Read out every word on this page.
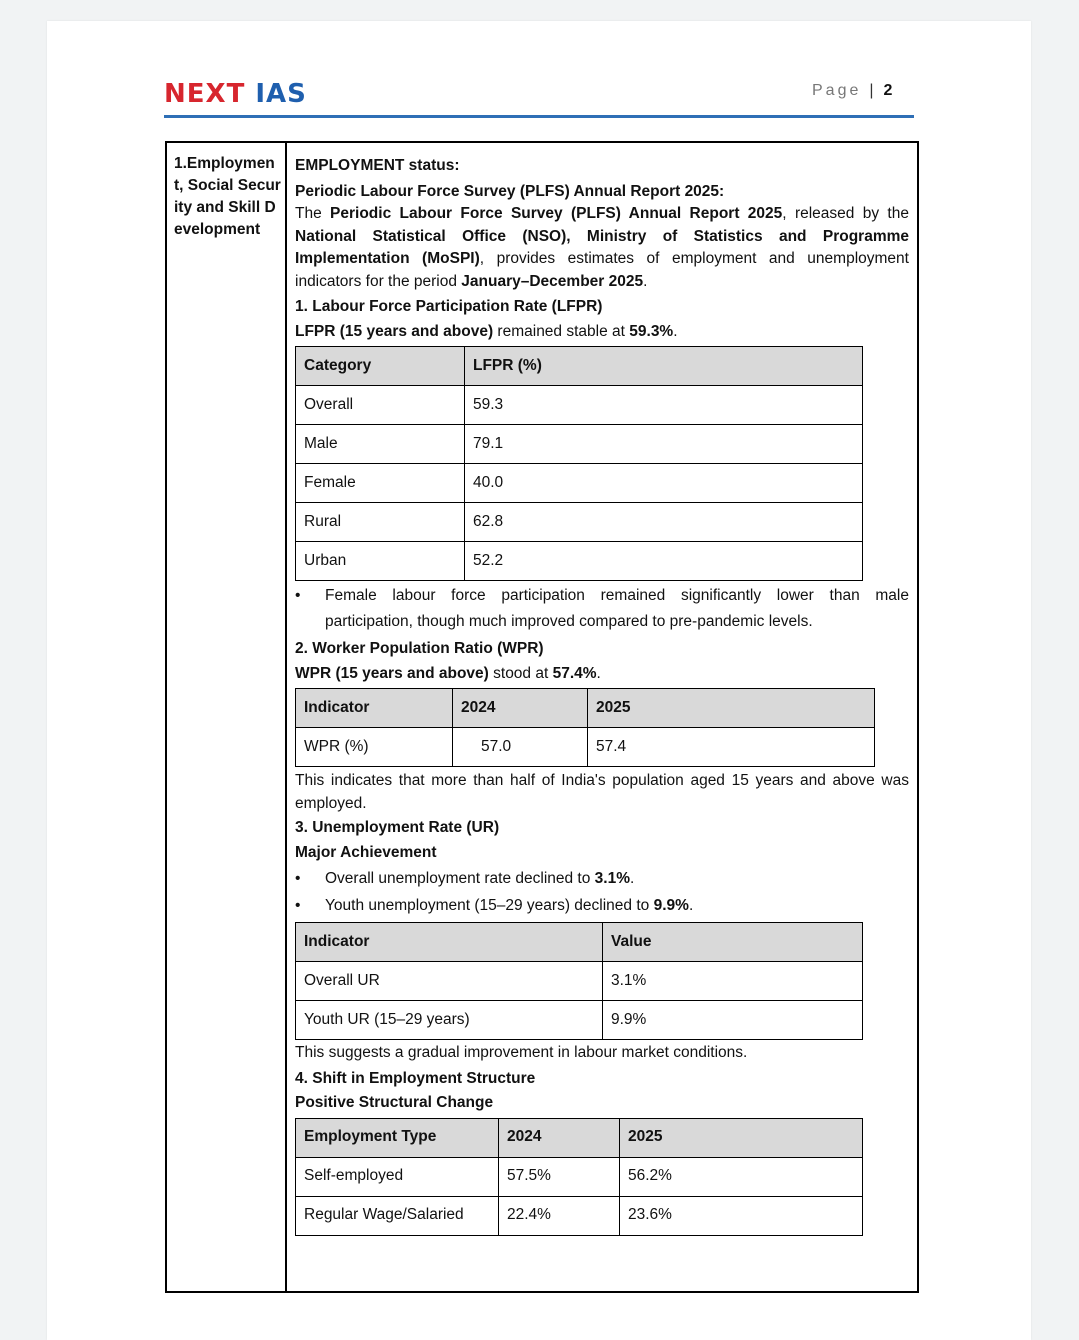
NEXT IAS	Page | 2
1.Employmen t, Social Security and Skill Development

EMPLOYMENT status:

Periodic Labour Force Survey (PLFS) Annual Report 2025:

The Periodic Labour Force Survey (PLFS) Annual Report 2025, released by the National Statistical Office (NSO), Ministry of Statistics and Programme Implementation (MoSPI), provides estimates of employment and unemployment indicators for the period January–December 2025.

1. Labour Force Participation Rate (LFPR)

LFPR (15 years and above) remained stable at 59.3%.

Category	LFPR (%)
Overall	59.3
Male	79.1
Female	40.0
Rural	62.8
Urban	52.2
• Female labour force participation remained significantly lower than male participation, though much improved compared to pre-pandemic levels.

2. Worker Population Ratio (WPR)

WPR (15 years and above) stood at 57.4%.

Indicator	2024	2025
WPR (%)	57.0	57.4

This indicates that more than half of India's population aged 15 years and above was employed.

3. Unemployment Rate (UR)

Major Achievement

• Overall unemployment rate declined to 3.1%.
• Youth unemployment (15–29 years) declined to 9.9%.
Indicator	Value
Overall UR	3.1%
Youth UR (15–29 years)	9.9%

This suggests a gradual improvement in labour market conditions.

4. Shift in Employment Structure

Positive Structural Change

Employment Type	2024	2025
Self-employed	57.5%	56.2%
Regular Wage/Salaried	22.4%	23.6%
